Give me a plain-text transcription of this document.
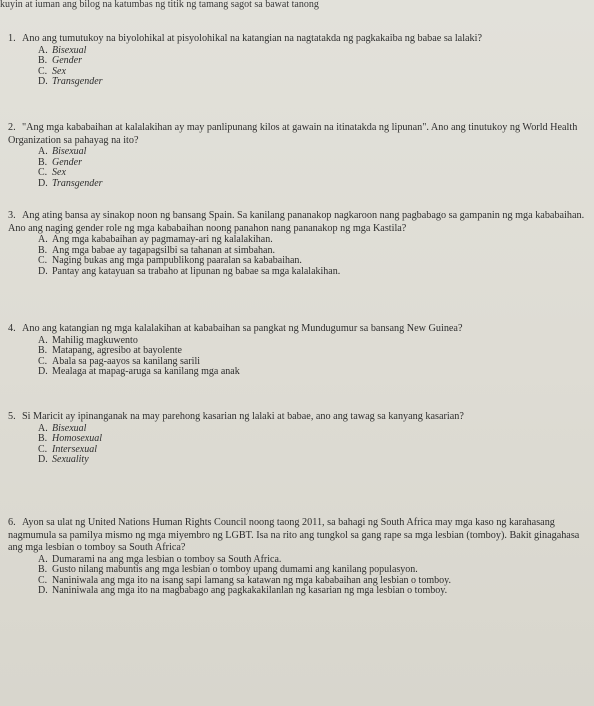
kuyin at iuman ang bilog na katumbas ng titik ng tamang sagot sa bawat tanong

1. Ano ang tumutukoy na biyolohikal at pisyolohikal na katangian na nagtatakda ng pagkakaiba ng babae sa lalaki?

A. Bisexual
B. Gender
C. Sex
D. Transgender

2. "Ang mga kababaihan at kalalakihan ay may panlipunang kilos at gawain na itinatakda ng lipunan". Ano ang tinutukoy ng World Health Organization sa pahayag na ito?

A. Bisexual
B. Gender
C. Sex
D. Transgender

3. Ang ating bansa ay sinakop noon ng bansang Spain. Sa kanilang pananakop nagkaroon nang pagbabago sa gampanin ng mga kababaihan. Ano ang naging gender role ng mga kababaihan noong panahon nang pananakop ng mga Kastila?

A. Ang mga kababaihan ay pagmamay-ari ng kalalakihan.
B. Ang mga babae ay tagapagsilbi sa tahanan at simbahan.
C. Naging bukas ang mga pampublikong paaralan sa kababaihan.
D. Pantay ang katayuan sa trabaho at lipunan ng babae sa mga kalalakihan.

4. Ano ang katangian ng mga kalalakihan at kababaihan sa pangkat ng Mundugumur sa bansang New Guinea?

A. Mahilig magkuwento
B. Matapang, agresibo at bayolente
C. Abala sa pag-aayos sa kanilang sarili
D. Mealaga at mapag-aruga sa kanilang mga anak

5. Si Maricit ay ipinanganak na may parehong kasarian ng lalaki at babae, ano ang tawag sa kanyang kasarian?

A. Bisexual
B. Homosexual
C. Intersexual
D. Sexuality

6. Ayon sa ulat ng United Nations Human Rights Council noong taong 2011, sa bahagi ng South Africa may mga kaso ng karahasang nagmumula sa pamilya mismo ng mga miyembro ng LGBT. Isa na rito ang tungkol sa gang rape sa mga lesbian (tomboy). Bakit ginagahasa ang mga lesbian o tomboy sa South Africa?

A. Dumarami na ang mga lesbian o tomboy sa South Africa.
B. Gusto nilang mabuntis ang mga lesbian o tomboy upang dumami ang kanilang populasyon.
C. Naniniwala ang mga ito na isang sapi lamang sa katawan ng mga kababaihan ang lesbian o tomboy.
D. Naniniwala ang mga ito na magbabago ang pagkakakilanlan ng kasarian ng mga lesbian o tomboy.
